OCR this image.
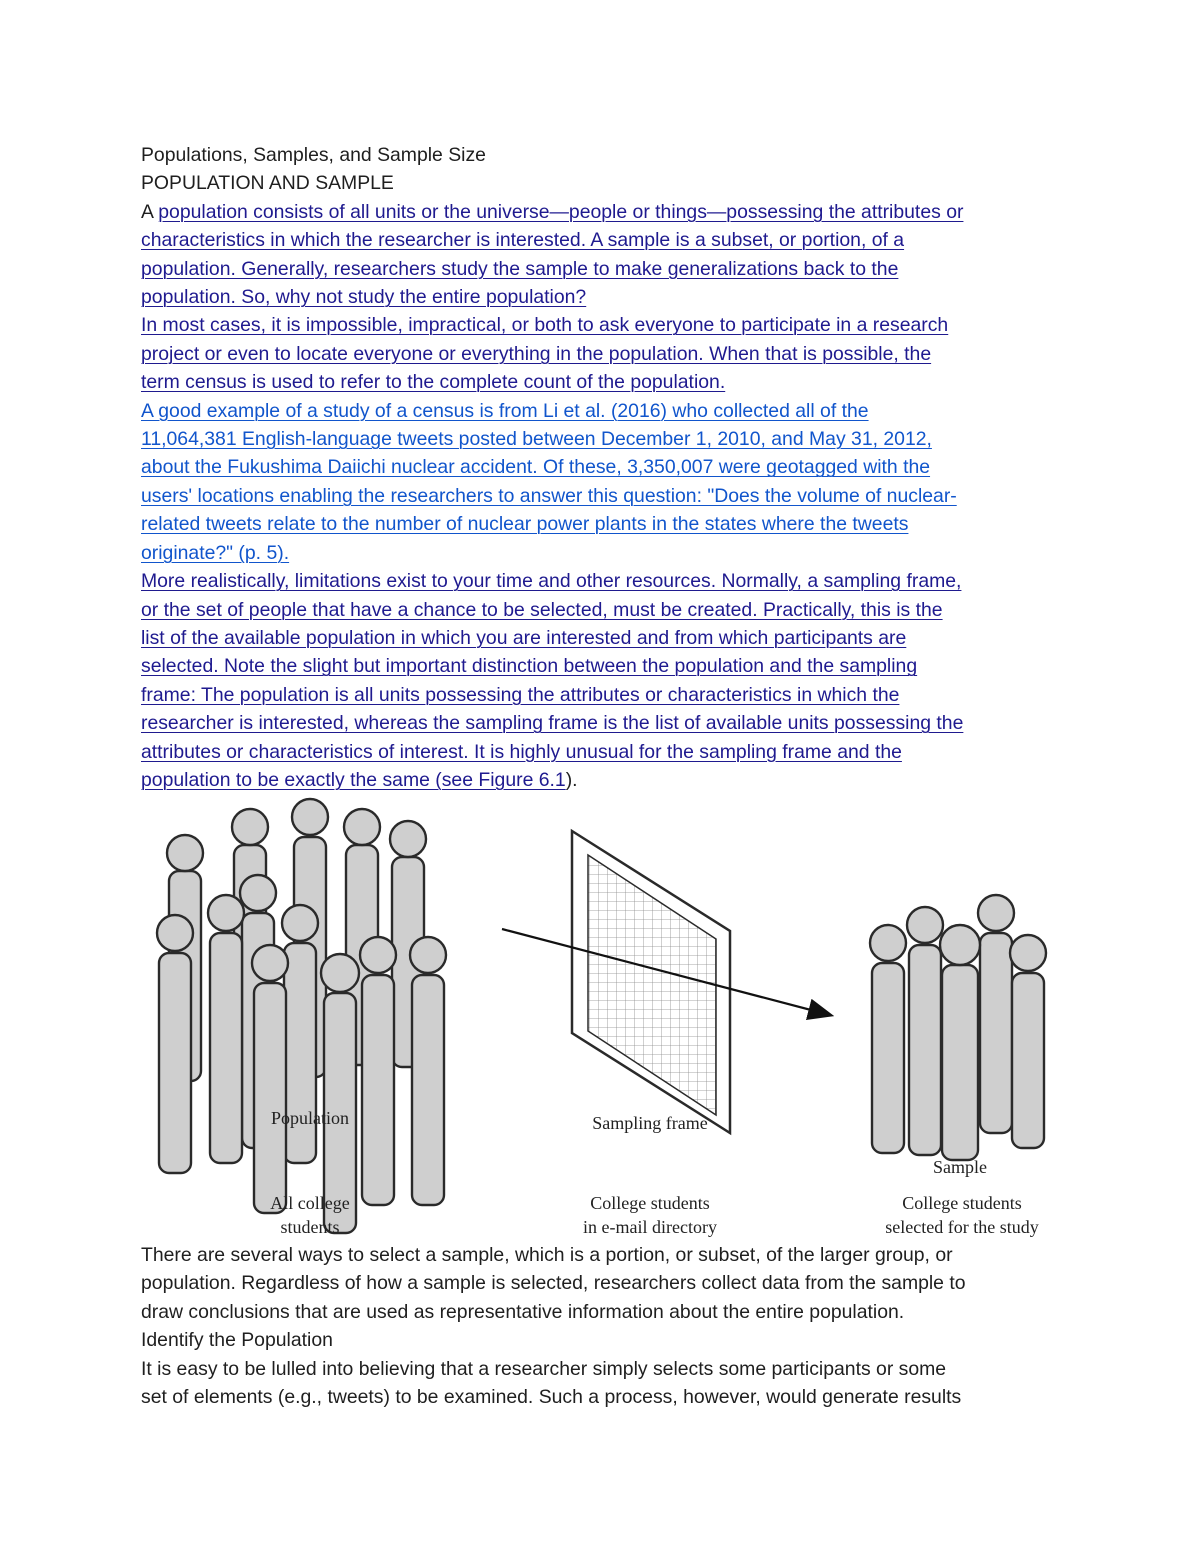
Populations, Samples, and Sample Size

POPULATION AND SAMPLE

A population consists of all units or the universe—people or things—possessing the attributes or

characteristics in which the researcher is interested. A sample is a subset, or portion, of a

population. Generally, researchers study the sample to make generalizations back to the

population. So, why not study the entire population?

In most cases, it is impossible, impractical, or both to ask everyone to participate in a research

project or even to locate everyone or everything in the population. When that is possible, the

term census is used to refer to the complete count of the population.

A good example of a study of a census is from Li et al. (2016) who collected all of the

11,064,381 English-language tweets posted between December 1, 2010, and May 31, 2012,

about the Fukushima Daiichi nuclear accident. Of these, 3,350,007 were geotagged with the

users' locations enabling the researchers to answer this question: "Does the volume of nuclear-

related tweets relate to the number of nuclear power plants in the states where the tweets

originate?" (p. 5).

More realistically, limitations exist to your time and other resources. Normally, a sampling frame,

or the set of people that have a chance to be selected, must be created. Practically, this is the

list of the available population in which you are interested and from which participants are

selected. Note the slight but important distinction between the population and the sampling

frame: The population is all units possessing the attributes or characteristics in which the

researcher is interested, whereas the sampling frame is the list of available units possessing the

attributes or characteristics of interest. It is highly unusual for the sampling frame and the

population to be exactly the same (see Figure 6.1).

Population	Sampling frame
Sample
All college
students
College students
in e-mail directory
College students
selected for the study

There are several ways to select a sample, which is a portion, or subset, of the larger group, or

population. Regardless of how a sample is selected, researchers collect data from the sample to

draw conclusions that are used as representative information about the entire population.

Identify the Population

It is easy to be lulled into believing that a researcher simply selects some participants or some

set of elements (e.g., tweets) to be examined. Such a process, however, would generate results
